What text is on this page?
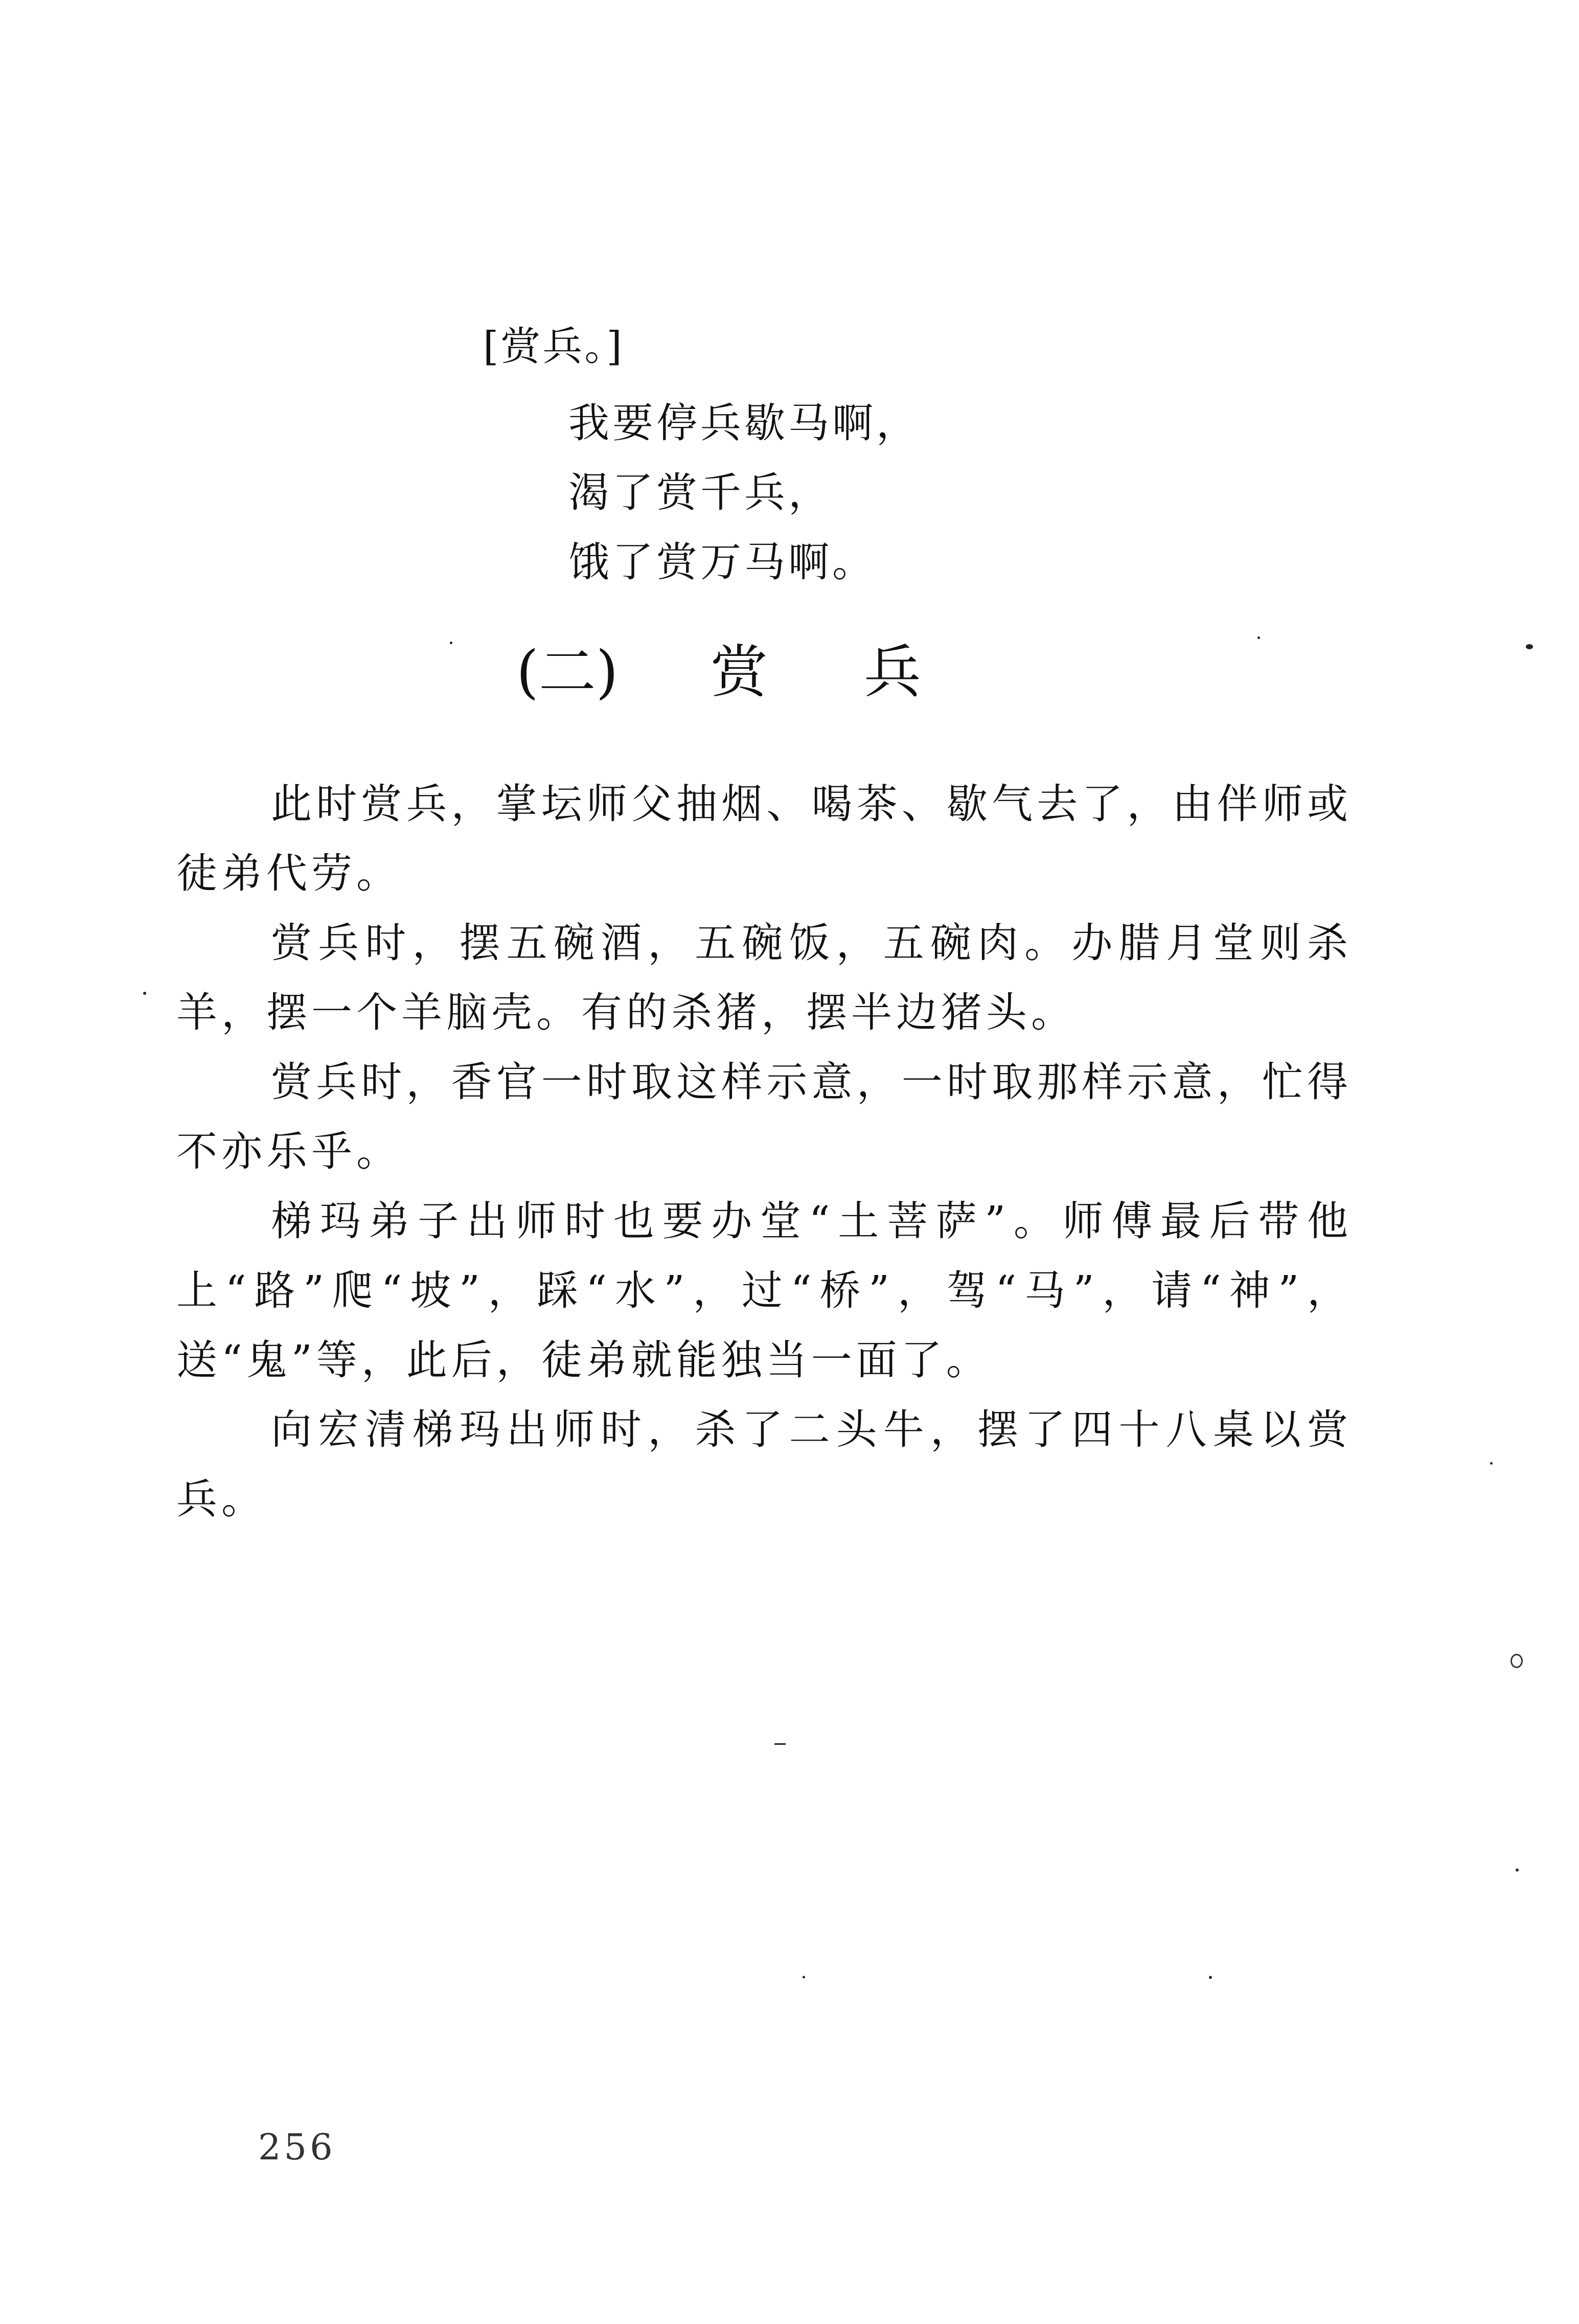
[赏兵。]
我要停兵歇马啊，
渴了赏千兵，
饿了赏万马啊。
(二) 赏 兵

此时赏兵，掌坛师父抽烟、喝茶、歇气去了，由伴师或徒弟代劳。

赏兵时，摆五碗酒，五碗饭，五碗肉。办腊月堂则杀羊，摆一个羊脑壳。有的杀猪，摆半边猪头。

赏兵时，香官一时取这样示意，一时取那样示意，忙得不亦乐乎。

梯玛弟子出师时也要办堂“土菩萨”。师傅最后带他上“路”爬“坡”，踩“水”，过“桥”，驾“马”，请“神”，送“鬼”等，此后，徒弟就能独当一面了。

向宏清梯玛出师时，杀了二头牛，摆了四十八桌以赏兵。

256
